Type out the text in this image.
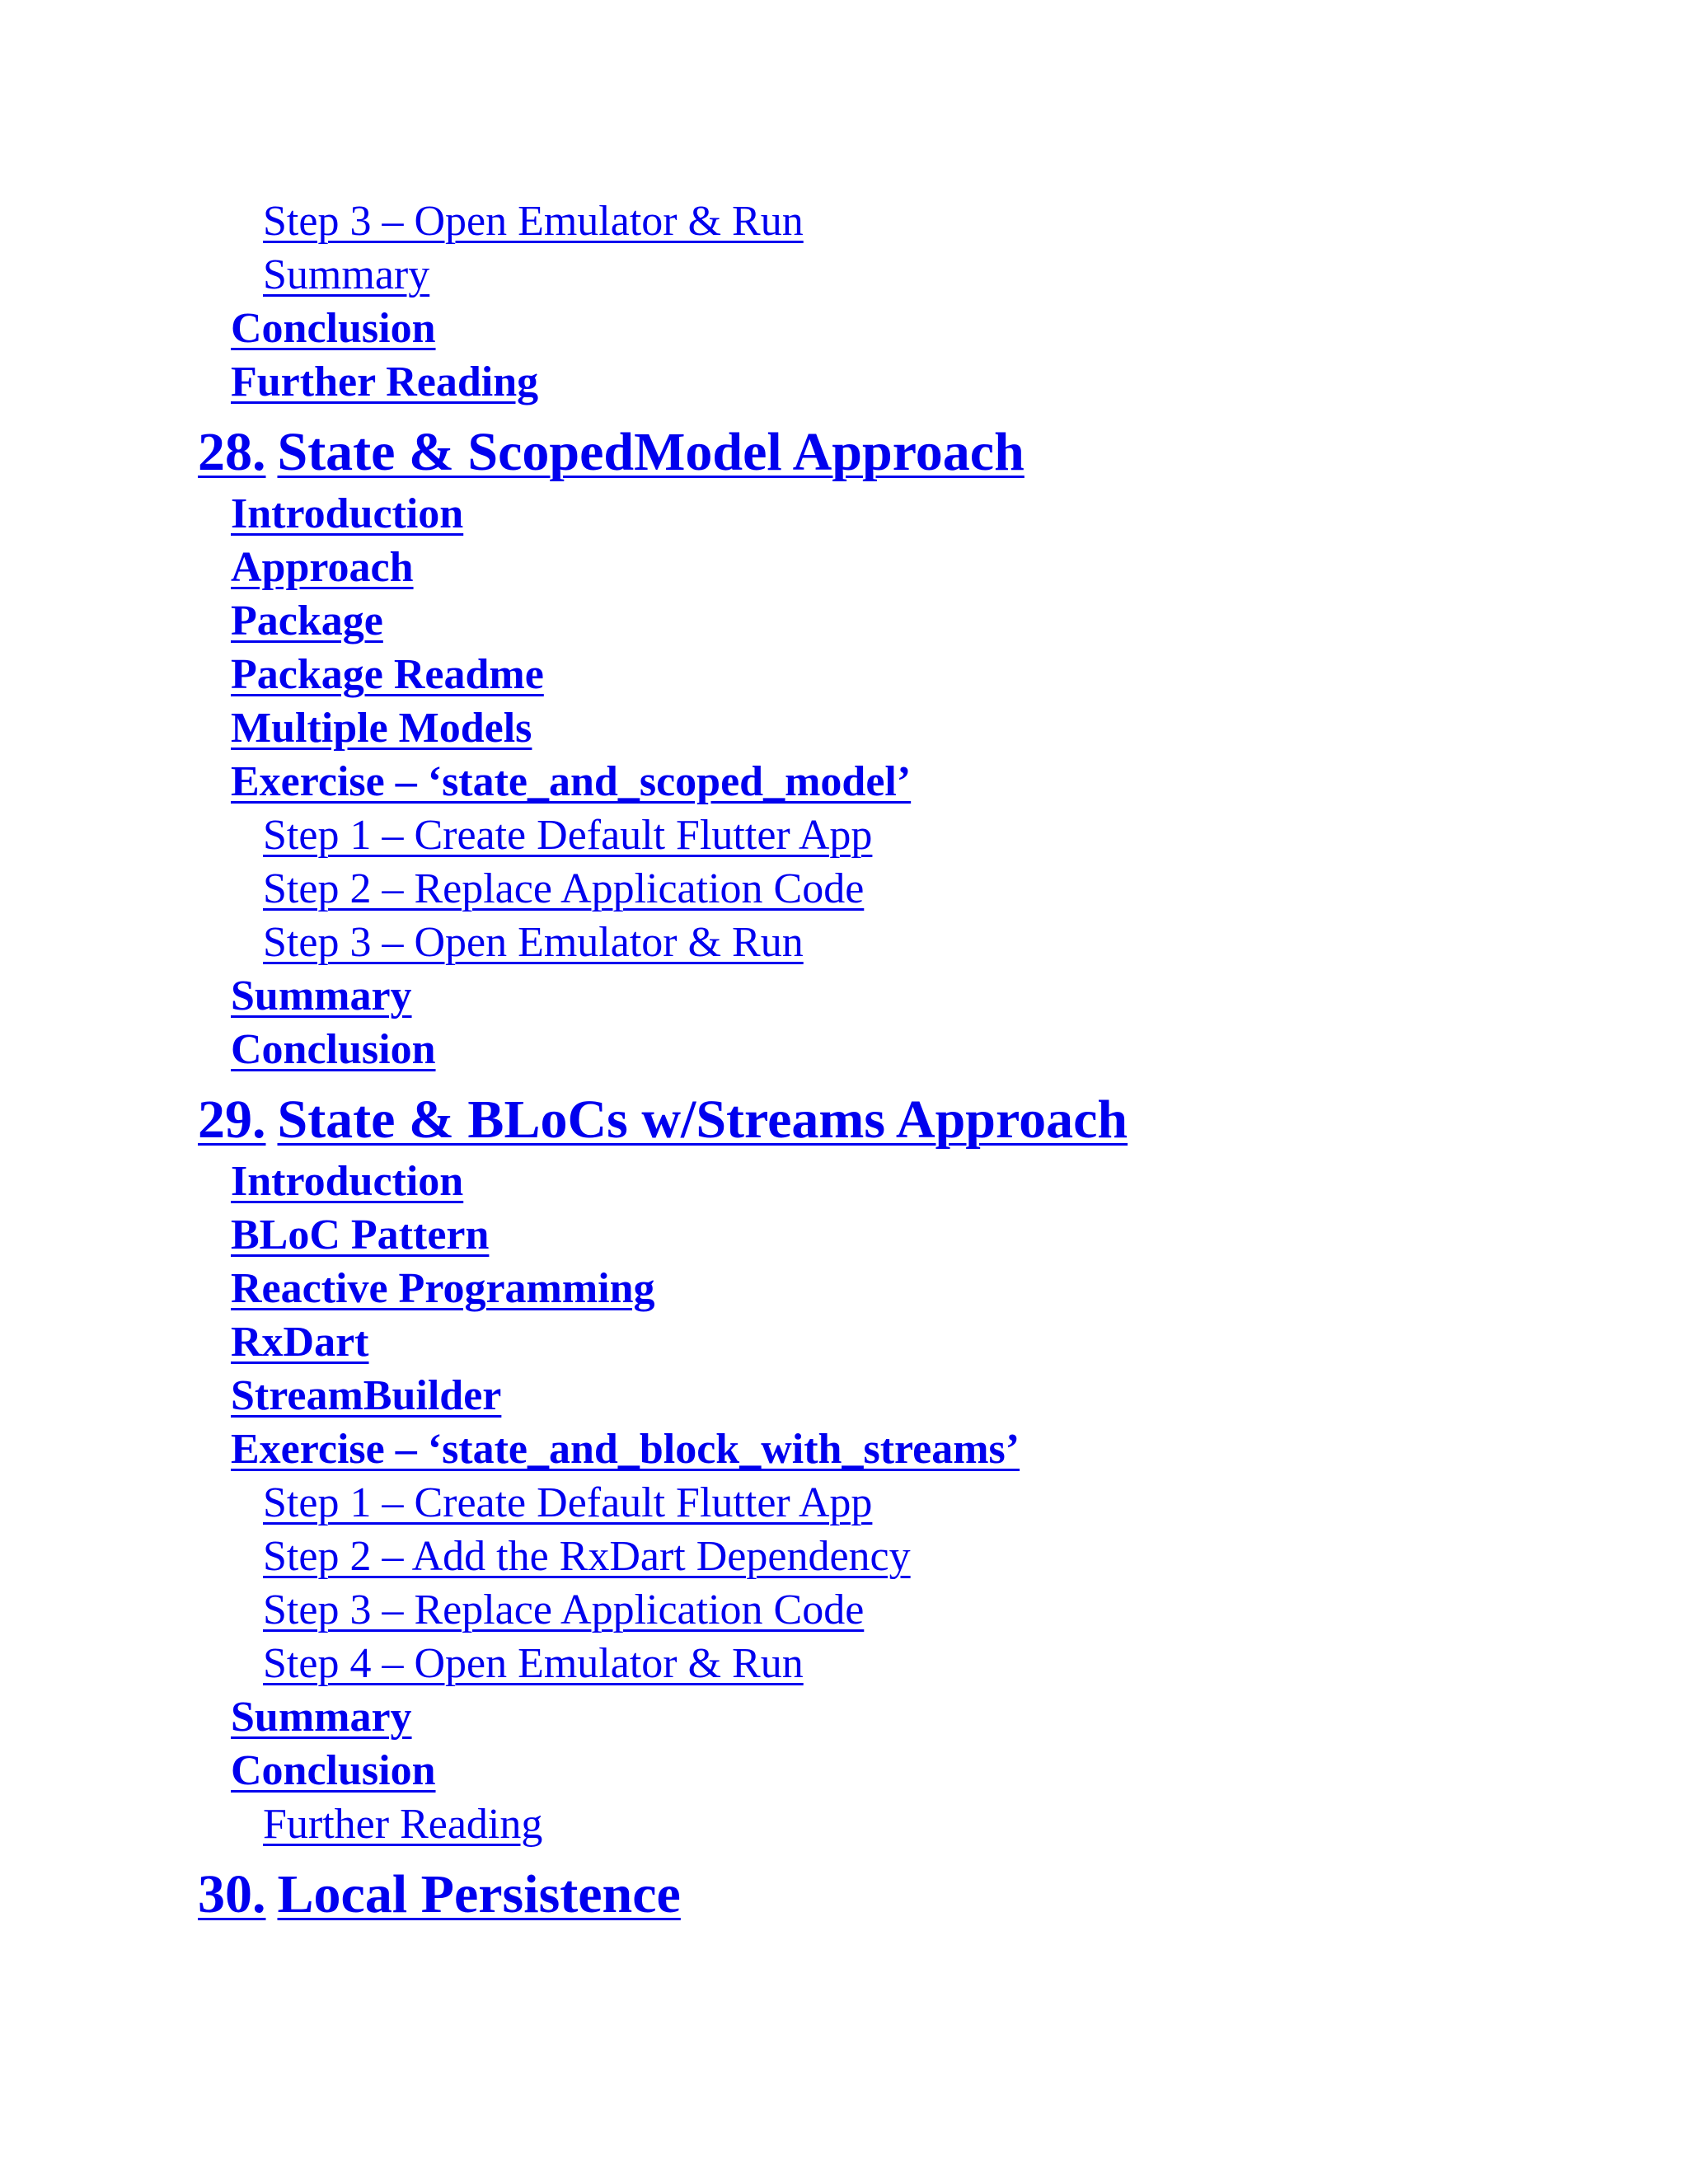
Step 3 – Open Emulator & Run
Summary
Conclusion
Further Reading
28. State & ScopedModel Approach
Introduction
Approach
Package
Package Readme
Multiple Models
Exercise – ‘state_and_scoped_model’
Step 1 – Create Default Flutter App
Step 2 – Replace Application Code
Step 3 – Open Emulator & Run
Summary
Conclusion
29. State & BLoCs w/Streams Approach
Introduction
BLoC Pattern
Reactive Programming
RxDart
StreamBuilder
Exercise – ‘state_and_block_with_streams’
Step 1 – Create Default Flutter App
Step 2 – Add the RxDart Dependency
Step 3 – Replace Application Code
Step 4 – Open Emulator & Run
Summary
Conclusion
Further Reading
30. Local Persistence
